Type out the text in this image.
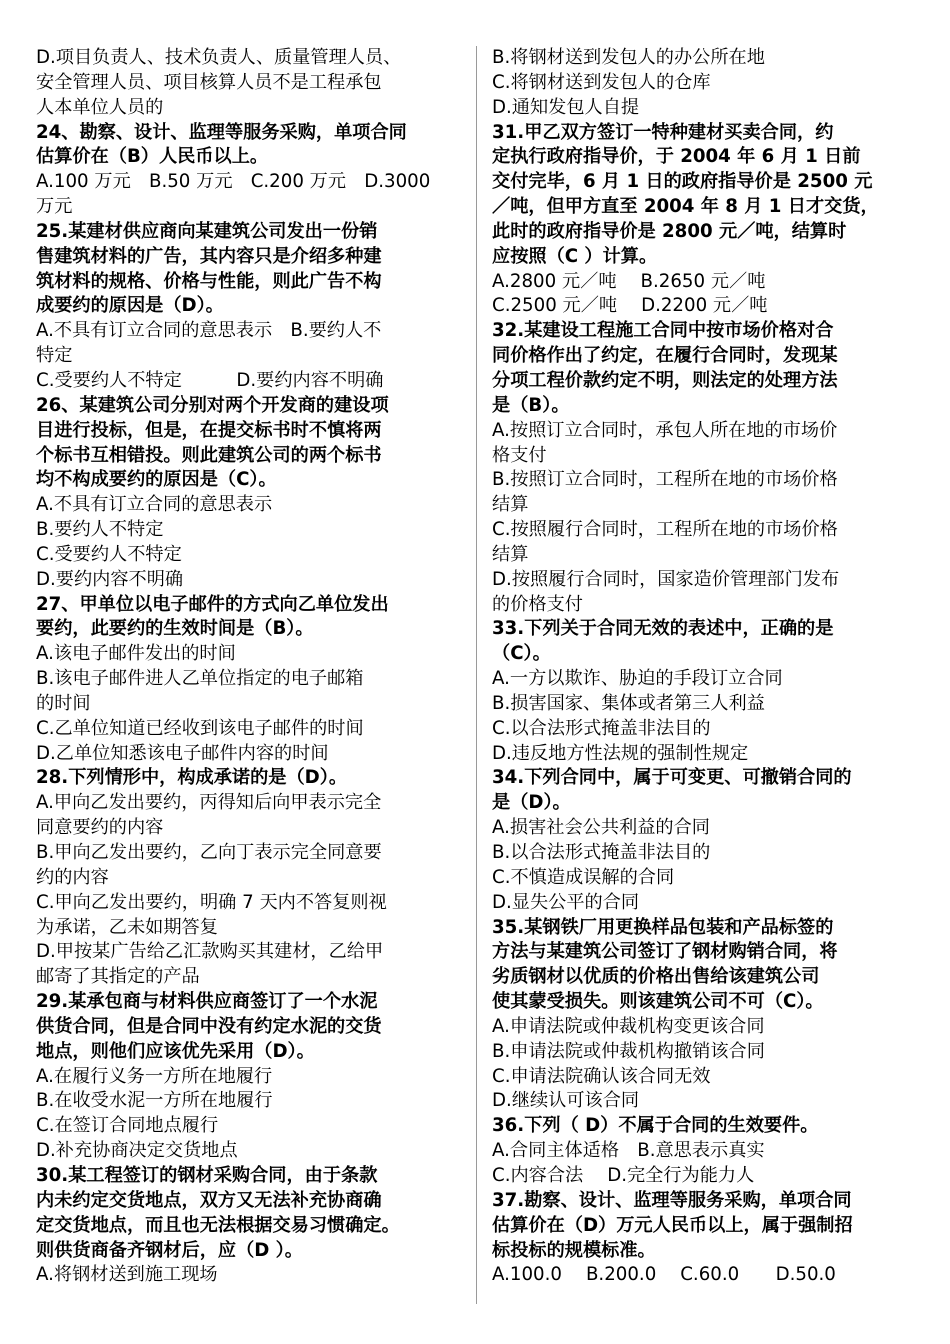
D.项目负责人、技术负责人、质量管理人员、
安全管理人员、项目核算人员不是工程承包
人本单位人员的
24、勘察、设计、监理等服务采购，单项合同
估算价在（B）人民币以上。
A.100 万元　B.50 万元　C.200 万元　D.3000
万元
25.某建材供应商向某建筑公司发出一份销
售建筑材料的广告，其内容只是介绍多种建
筑材料的规格、价格与性能，则此广告不构
成要约的原因是（D）。
A.不具有订立合同的意思表示　B.要约人不
特定
C.受要约人不特定　　　D.要约内容不明确
26、某建筑公司分别对两个开发商的建设项
目进行投标，但是，在提交标书时不慎将两
个标书互相错投。则此建筑公司的两个标书
均不构成要约的原因是（C）。
A.不具有订立合同的意思表示
B.要约人不特定
C.受要约人不特定
D.要约内容不明确
27、甲单位以电子邮件的方式向乙单位发出
要约，此要约的生效时间是（B）。
A.该电子邮件发出的时间
B.该电子邮件进人乙单位指定的电子邮箱
的时间
C.乙单位知道已经收到该电子邮件的时间
D.乙单位知悉该电子邮件内容的时间
28.下列情形中，构成承诺的是（D）。
A.甲向乙发出要约，丙得知后向甲表示完全
同意要约的内容
B.甲向乙发出要约，乙向丁表示完全同意要
约的内容
C.甲向乙发出要约，明确 7 天内不答复则视
为承诺，乙未如期答复
D.甲按某广告给乙汇款购买其建材，乙给甲
邮寄了其指定的产品
29.某承包商与材料供应商签订了一个水泥
供货合同，但是合同中没有约定水泥的交货
地点，则他们应该优先采用（D）。
A.在履行义务一方所在地履行
B.在收受水泥一方所在地履行
C.在签订合同地点履行
D.补充协商决定交货地点
30.某工程签订的钢材采购合同，由于条款
内未约定交货地点，双方又无法补充协商确
定交货地点，而且也无法根据交易习惯确定。
则供货商备齐钢材后，应（D ）。
A.将钢材送到施工现场
B.将钢材送到发包人的办公所在地
C.将钢材送到发包人的仓库
D.通知发包人自提
31.甲乙双方签订一特种建材买卖合同，约
定执行政府指导价，于 2004 年 6 月 1 日前
交付完毕，6 月 1 日的政府指导价是 2500 元
／吨，但甲方直至 2004 年 8 月 1 日才交货，
此时的政府指导价是 2800 元／吨，结算时
应按照（C ）计算。
A.2800 元／吨　 B.2650 元／吨
C.2500 元／吨　 D.2200 元／吨
32.某建设工程施工合同中按市场价格对合
同价格作出了约定，在履行合同时，发现某
分项工程价款约定不明，则法定的处理方法
是（B）。
A.按照订立合同时，承包人所在地的市场价
格支付
B.按照订立合同时，工程所在地的市场价格
结算
C.按照履行合同时，工程所在地的市场价格
结算
D.按照履行合同时，国家造价管理部门发布
的价格支付
33.下列关于合同无效的表述中，正确的是
（C）。
A.一方以欺诈、胁迫的手段订立合同
B.损害国家、集体或者第三人利益
C.以合法形式掩盖非法目的
D.违反地方性法规的强制性规定
34.下列合同中，属于可变更、可撤销合同的
是（D）。
A.损害社会公共利益的合同
B.以合法形式掩盖非法目的
C.不慎造成误解的合同
D.显失公平的合同
35.某钢铁厂用更换样品包装和产品标签的
方法与某建筑公司签订了钢材购销合同，将
劣质钢材以优质的价格出售给该建筑公司
使其蒙受损失。则该建筑公司不可（C）。
A.申请法院或仲裁机构变更该合同
B.申请法院或仲裁机构撤销该合同
C.申请法院确认该合同无效
D.继续认可该合同
36.下列（ D）不属于合同的生效要件。
A.合同主体适格　B.意思表示真实
C.内容合法　 D.完全行为能力人
37.勘察、设计、监理等服务采购，单项合同
估算价在（D）万元人民币以上，属于强制招
标投标的规模标准。
A.100.0　 B.200.0　 C.60.0　　D.50.0
